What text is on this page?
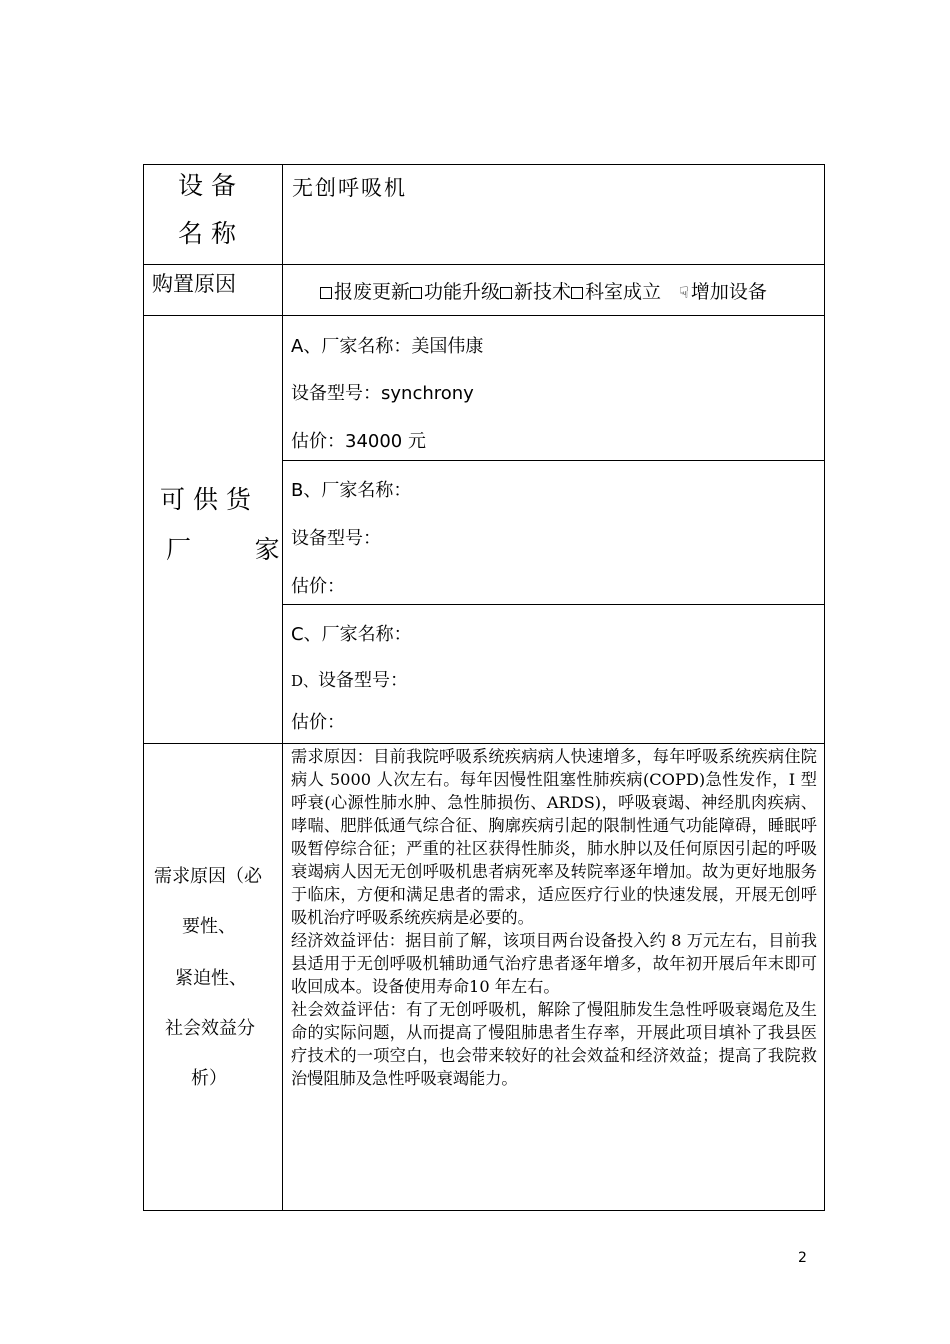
设 备
名 称
无创呼吸机
购置原因	报废更新 功能升级 新技术 科室成立 ☟ 增加设备
可 供 货
厂        家
A、厂家名称：美国伟康
设备型号：synchrony
估价：34000 元
B、厂家名称：
设备型号：
估价：
C、厂家名称：
D、设备型号：
估价：
需求原因（必
要性、
紧迫性、
社会效益分
析）

需求原因：目前我院呼吸系统疾病病人快速增多，每年呼吸系统疾病住院病人 5000 人次左右。每年因慢性阻塞性肺疾病(COPD)急性发作，I 型呼衰(心源性肺水肿、急性肺损伤、ARDS)，呼吸衰竭、神经肌肉疾病、哮喘、肥胖低通气综合征、胸廓疾病引起的限制性通气功能障碍，睡眠呼吸暂停综合征；严重的社区获得性肺炎，肺水肿以及任何原因引起的呼吸衰竭病人因无无创呼吸机患者病死率及转院率逐年增加。故为更好地服务于临床，方便和满足患者的需求，适应医疗行业的快速发展，开展无创呼吸机治疗呼吸系统疾病是必要的。

经济效益评估：据目前了解，该项目两台设备投入约 8 万元左右，目前我县适用于无创呼吸机辅助通气治疗患者逐年增多，故年初开展后年末即可收回成本。设备使用寿命10 年左右。

社会效益评估：有了无创呼吸机，解除了慢阻肺发生急性呼吸衰竭危及生命的实际问题，从而提高了慢阻肺患者生存率，开展此项目填补了我县医疗技术的一项空白，也会带来较好的社会效益和经济效益；提高了我院救治慢阻肺及急性呼吸衰竭能力。

2
